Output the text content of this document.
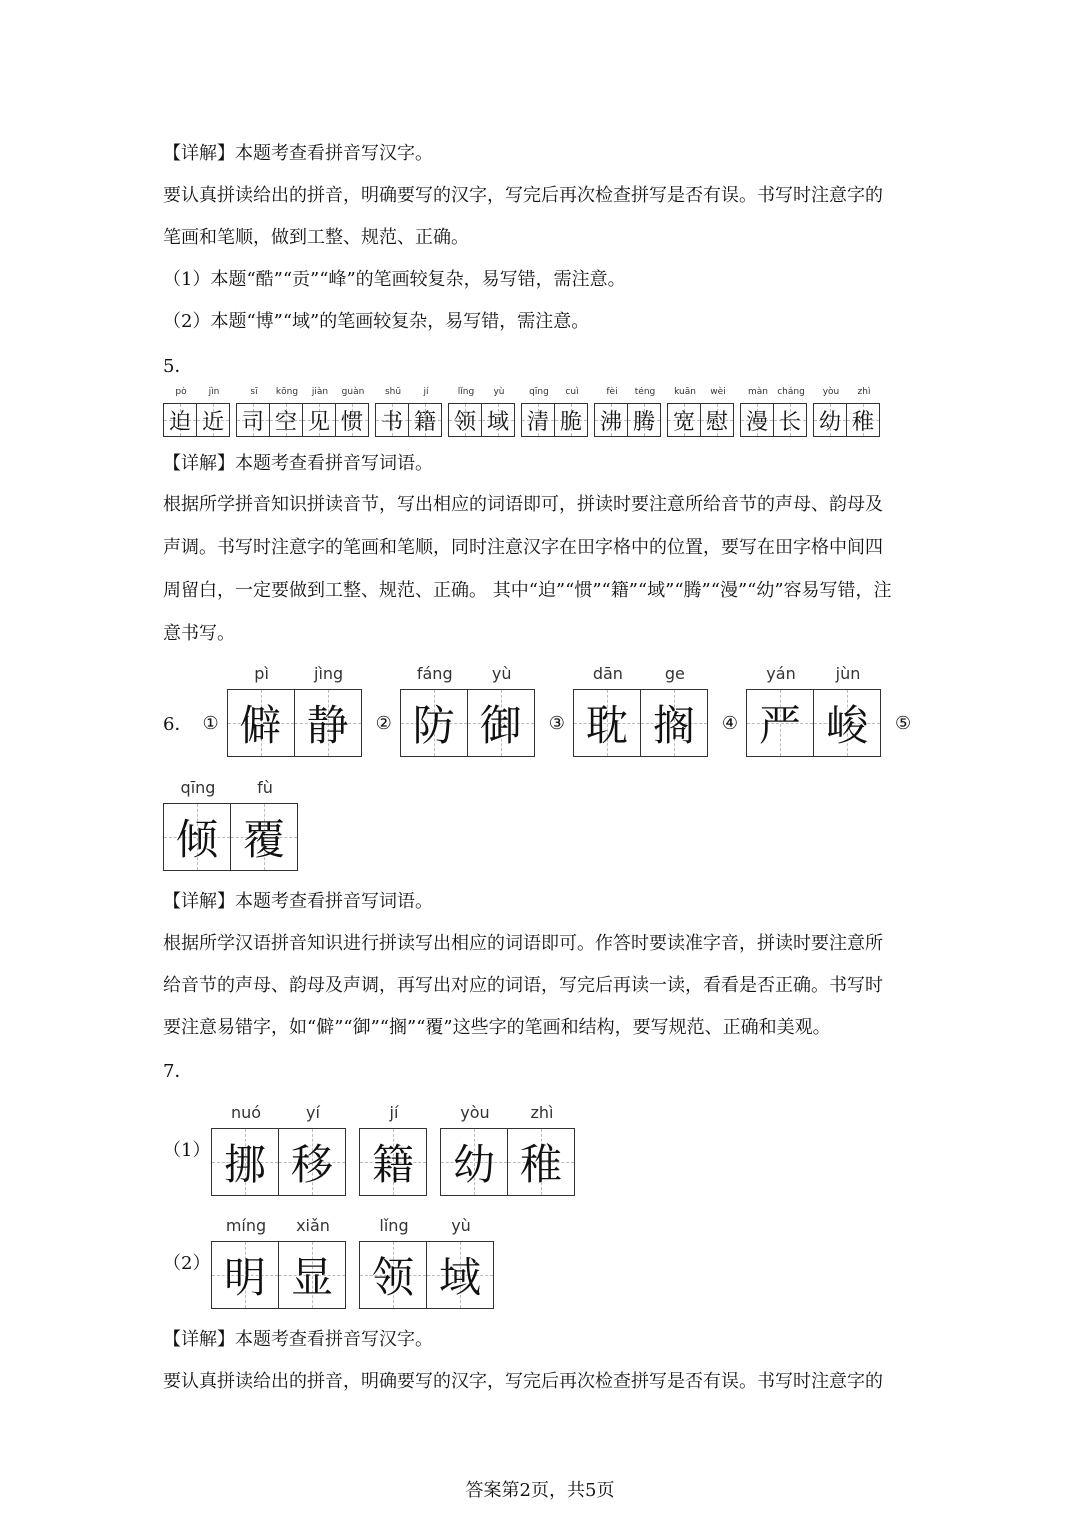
【详解】本题考查看拼音写汉字。
要认真拼读给出的拼音，明确要写的汉字，写完后再次检查拼写是否有误。书写时注意字的
笔画和笔顺，做到工整、规范、正确。
（1）本题“酷”“贡”“峰”的笔画较复杂，易写错，需注意。
（2）本题“博”“域”的笔画较复杂，易写错，需注意。
5．
pò
迫
jìn
近
sī
司
kōng
空
jiàn
见
guàn
惯
shū
书
jí
籍
lǐng
领
yù
域
qīng
清
cuì
脆
fèi
沸
téng
腾
kuān
宽
wèi
慰
màn
漫
cháng
长
yòu
幼
zhì
稚
【详解】本题考查看拼音写词语。
根据所学拼音知识拼读音节，写出相应的词语即可，拼读时要注意所给音节的声母、韵母及
声调。书写时注意字的笔画和笔顺，同时注意汉字在田字格中的位置，要写在田字格中间四
周留白，一定要做到工整、规范、正确。 其中“迫”“惯”“籍”“域”“腾”“漫”“幼”容易写错，注
意书写。
6． ①
pì
僻
jìng
静 ②
fáng
防
yù
御 ③
dān
耽
ge
搁 ④
yán
严
jùn
峻 ⑤
qīng
倾
fù
覆
【详解】本题考查看拼音写词语。
根据所学汉语拼音知识进行拼读写出相应的词语即可。作答时要读准字音，拼读时要注意所
给音节的声母、韵母及声调，再写出对应的词语，写完后再读一读，看看是否正确。书写时
要注意易错字，如“僻”“御”“搁”“覆”这些字的笔画和结构，要写规范、正确和美观。
7．
（1）
nuó
挪
yí
移
jí
籍
yòu
幼
zhì
稚
（2）
míng
明
xiǎn
显
lǐng
领
yù
域
【详解】本题考查看拼音写汉字。
要认真拼读给出的拼音，明确要写的汉字，写完后再次检查拼写是否有误。书写时注意字的
答案第2页，共5页
